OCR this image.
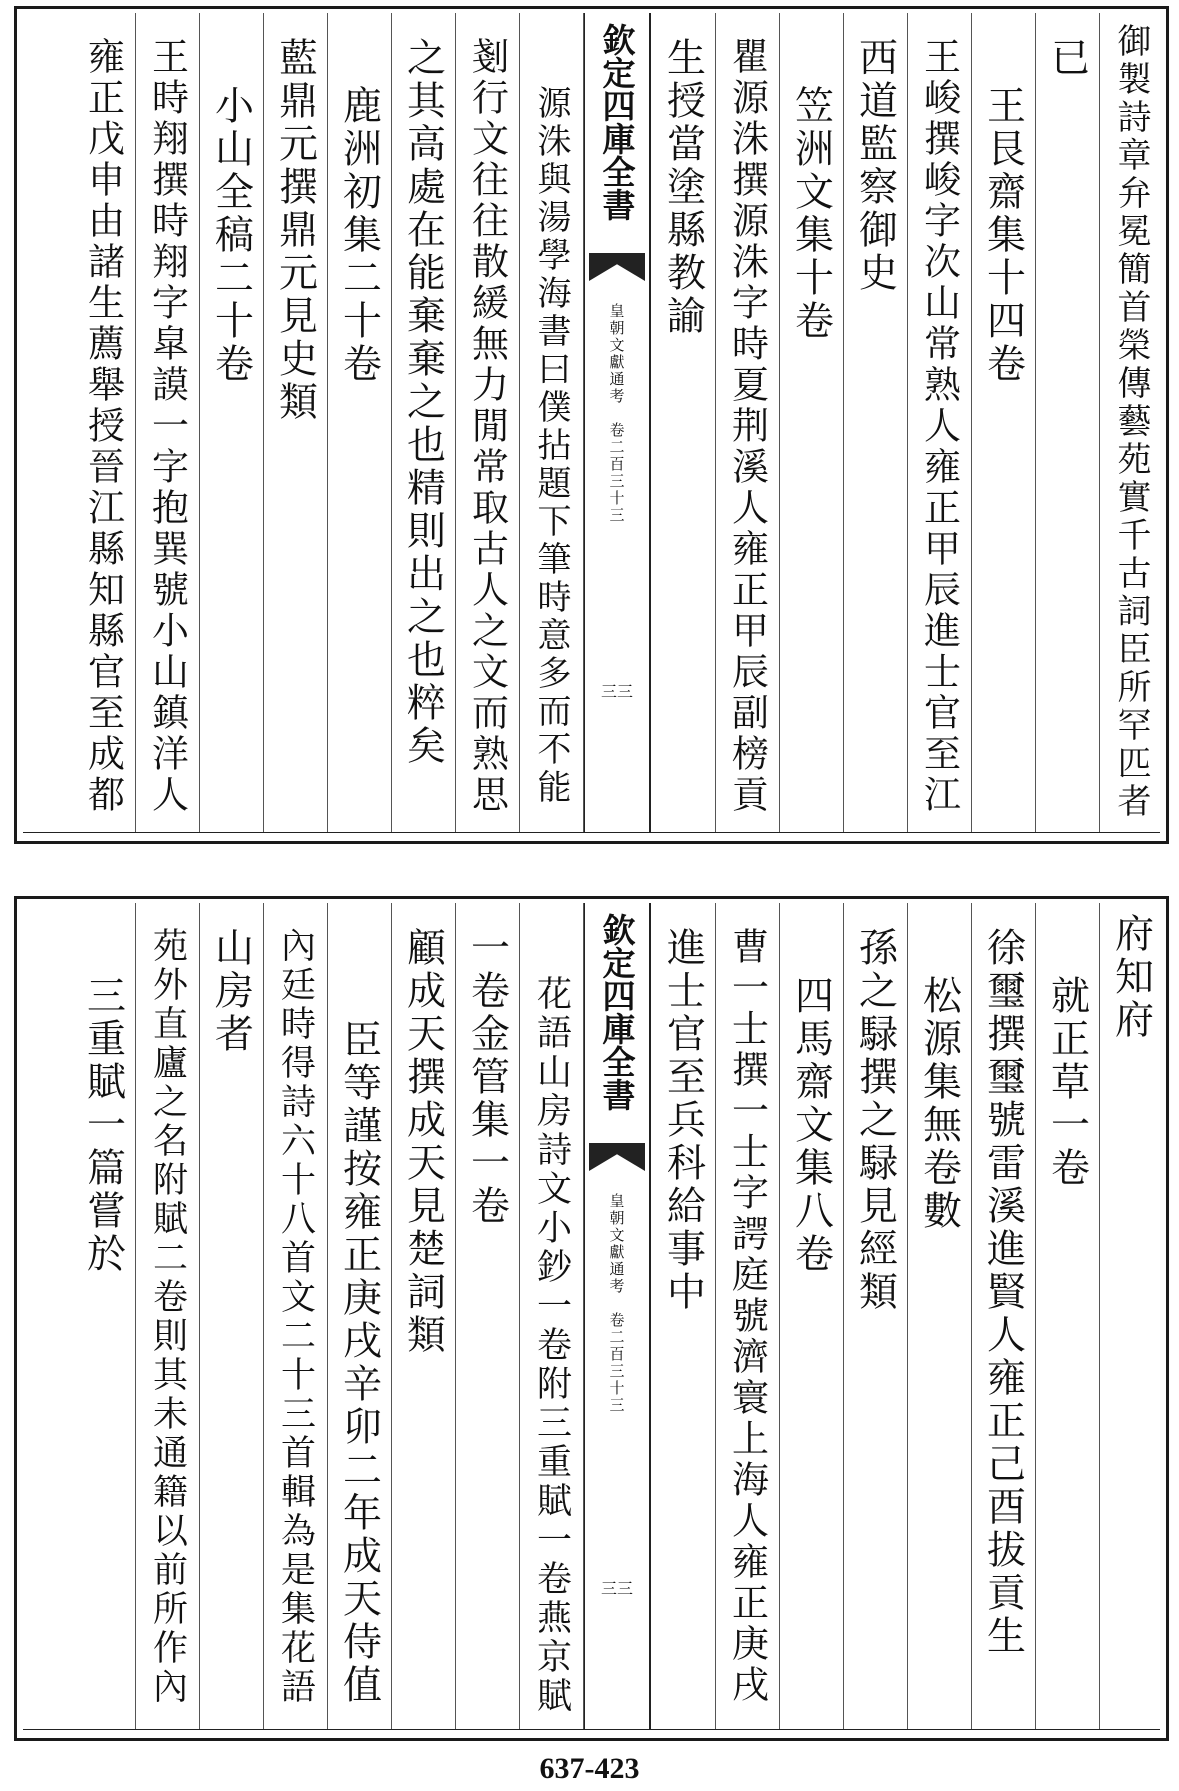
御製詩章弁冕簡首榮傳藝苑實千古詞臣所罕匹者
已
王艮齋集十四卷
王峻撰峻字次山常熟人雍正甲辰進士官至江
西道監察御史
笠洲文集十卷
瞿源洙撰源洙字時夏荆溪人雍正甲辰副榜貢
生授當塗縣教諭
欽定四庫全書
皇朝文獻通考　卷二百三十三
三三
源洙與湯學海書曰僕拈題下筆時意多而不能
剗行文往往散緩無力閒常取古人之文而熟思
之其高處在能棄棄之也精則出之也粹矣
鹿洲初集二十卷
藍鼎元撰鼎元見史類
小山全稿二十卷
王時翔撰時翔字皐謨一字抱巽號小山鎮洋人
雍正戊申由諸生薦舉授晉江縣知縣官至成都
府知府
就正草一卷
徐璽撰璽號雷溪進賢人雍正己酉拔貢生
松源集無卷數
孫之騄撰之騄見經類
四馬齋文集八卷
曹一士撰一士字諤庭號濟寰上海人雍正庚戌
進士官至兵科給事中
欽定四庫全書
皇朝文獻通考　卷二百三十三
三三
花語山房詩文小鈔一卷附三重賦一卷燕京賦
一卷金管集一卷
顧成天撰成天見楚詞類
臣等謹按雍正庚戌辛卯二年成天侍值
內廷時得詩六十八首文二十三首輯為是集花語
山房者
苑外直廬之名附賦二卷則其未通籍以前所作內
三重賦一篇嘗於
637-423
